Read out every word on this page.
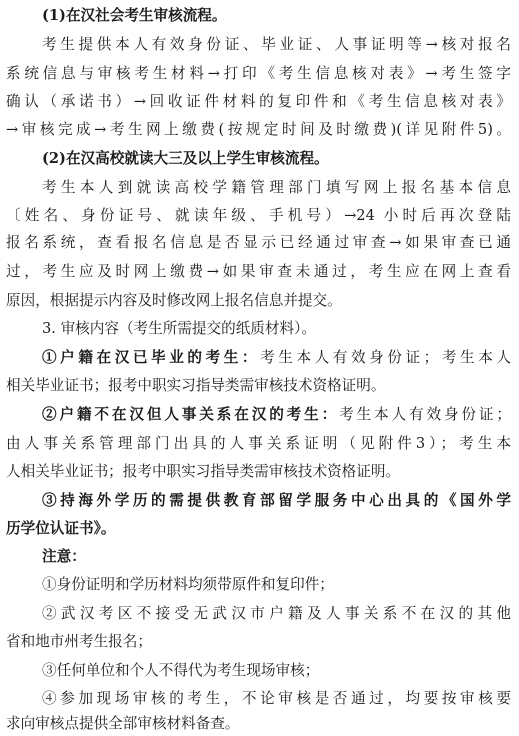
(1)在汉社会考生审核流程。
考生提供本人有效身份证、毕业证、人事证明等→核对报名
系统信息与审核考生材料→打印《考生信息核对表》→考生签字
确认（承诺书）→回收证件材料的复印件和《考生信息核对表》
→审核完成→考生网上缴费(按规定时间及时缴费)(详见附件5)。
(2)在汉高校就读大三及以上学生审核流程。
考生本人到就读高校学籍管理部门填写网上报名基本信息
〔姓名、身份证号、就读年级、手机号）→24 小时后再次登陆
报名系统，查看报名信息是否显示已经通过审查→如果审查已通
过，考生应及时网上缴费→如果审查未通过，考生应在网上查看
原因，根据提示内容及时修改网上报名信息并提交。
3. 审核内容（考生所需提交的纸质材料）。
①户籍在汉已毕业的考生：考生本人有效身份证；考生本人
相关毕业证书；报考中职实习指导类需审核技术资格证明。
②户籍不在汉但人事关系在汉的考生：考生本人有效身份证；
由人事关系管理部门出具的人事关系证明（见附件3）；考生本
人相关毕业证书；报考中职实习指导类需审核技术资格证明。
③持海外学历的需提供教育部留学服务中心出具的《国外学
历学位认证书》。
注意：
①身份证明和学历材料均须带原件和复印件；
②武汉考区不接受无武汉市户籍及人事关系不在汉的其他
省和地市州考生报名；
③任何单位和个人不得代为考生现场审核；
④参加现场审核的考生，不论审核是否通过，均要按审核要
求向审核点提供全部审核材料备查。
